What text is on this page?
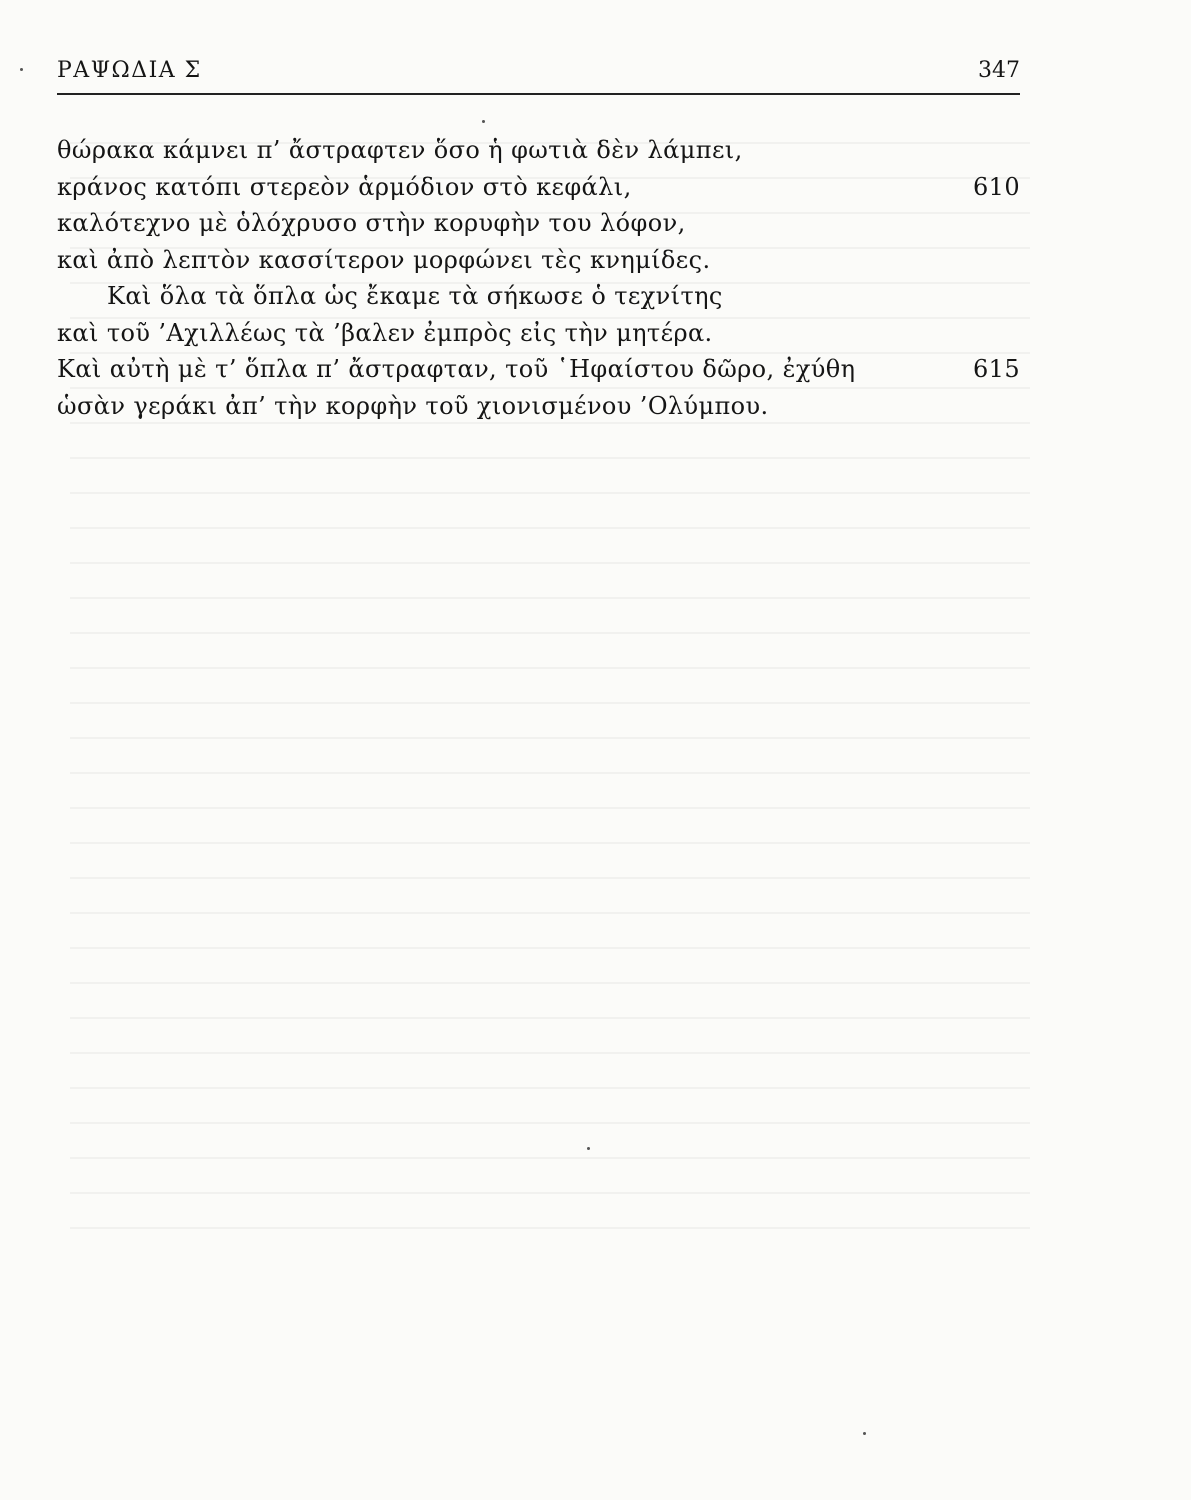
ΡΑΨΩΔΙΑ Σ	347
θώρακα κάμνει π’ ἄστραφτεν ὅσο ἡ φωτιὰ δὲν λάμπει,
κράνος κατόπι στερεὸν ἁρμόδιον στὸ κεφάλι,	610
καλότεχνο μὲ ὁλόχρυσο στὴν κορυφὴν του λόφον,
καὶ ἀπὸ λεπτὸν κασσίτερον μορφώνει τὲς κνημίδες.
Καὶ ὅλα τὰ ὅπλα ὡς ἔκαμε τὰ σήκωσε ὁ τεχνίτης
καὶ τοῦ ’Αχιλλέως τὰ ’βαλεν ἐμπρὸς εἰς τὴν μητέρα.
Καὶ αὐτὴ μὲ τ’ ὅπλα π’ ἄστραφταν, τοῦ ῾Ηφαίστου δῶρο, ἐχύθη	615
ὡσὰν γεράκι ἀπ’ τὴν κορφὴν τοῦ χιονισμένου ’Ολύμπου.
